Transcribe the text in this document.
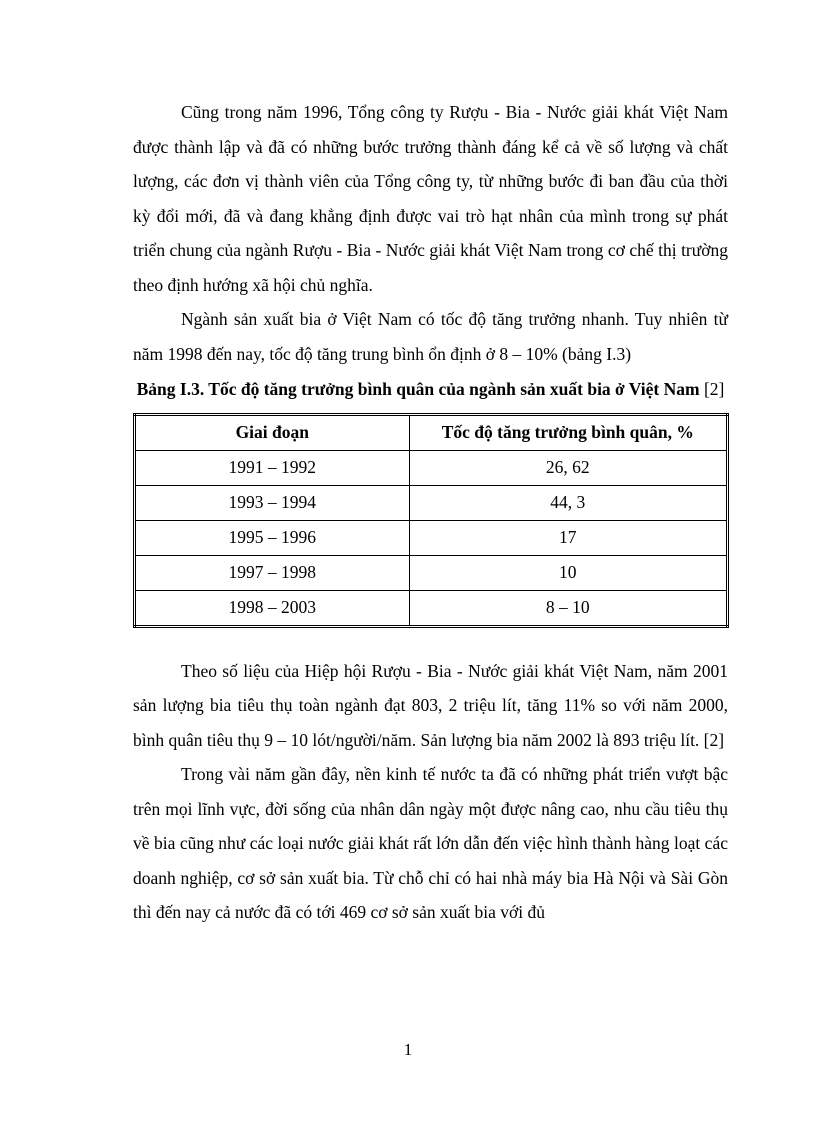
Cũng trong năm 1996, Tổng công ty Rượu - Bia - Nước giải khát Việt Nam được thành lập và đã có những bước trưởng thành đáng kể cả về số lượng và chất lượng, các đơn vị thành viên của Tổng công ty, từ những bước đi ban đầu của thời kỳ đổi mới, đã và đang khẳng định được vai trò hạt nhân của mình trong sự phát triển chung của ngành Rượu - Bia - Nước giải khát Việt Nam trong cơ chế thị trường theo định hướng xã hội chủ nghĩa.

Ngành sản xuất bia ở Việt Nam có tốc độ tăng trưởng nhanh. Tuy nhiên từ năm 1998 đến nay, tốc độ tăng trung bình ổn định ở 8 – 10% (bảng I.3)

Bảng I.3. Tốc độ tăng trưởng bình quân của ngành sản xuất bia ở Việt Nam [2]

Giai đoạn	Tốc độ tăng trưởng bình quân, %
1991 – 1992	26, 62
1993 – 1994	44, 3
1995 – 1996	17
1997 – 1998	10
1998 – 2003	8 – 10

Theo số liệu của Hiệp hội Rượu - Bia - Nước giải khát Việt Nam, năm 2001 sản lượng bia tiêu thụ toàn ngành đạt 803, 2 triệu lít, tăng 11% so với năm 2000, bình quân tiêu thụ 9 – 10 lót/người/năm. Sản lượng bia năm 2002 là 893 triệu lít. [2]

Trong vài năm gần đây, nền kinh tế nước ta đã có những phát triển vượt bậc trên mọi lĩnh vực, đời sống của nhân dân ngày một được nâng cao, nhu cầu tiêu thụ về bia cũng như các loại nước giải khát rất lớn dẫn đến việc hình thành hàng loạt các doanh nghiệp, cơ sở sản xuất bia. Từ chỗ chỉ có hai nhà máy bia Hà Nội và Sài Gòn thì đến nay cả nước đã có tới 469 cơ sở sản xuất bia với đủ

1
